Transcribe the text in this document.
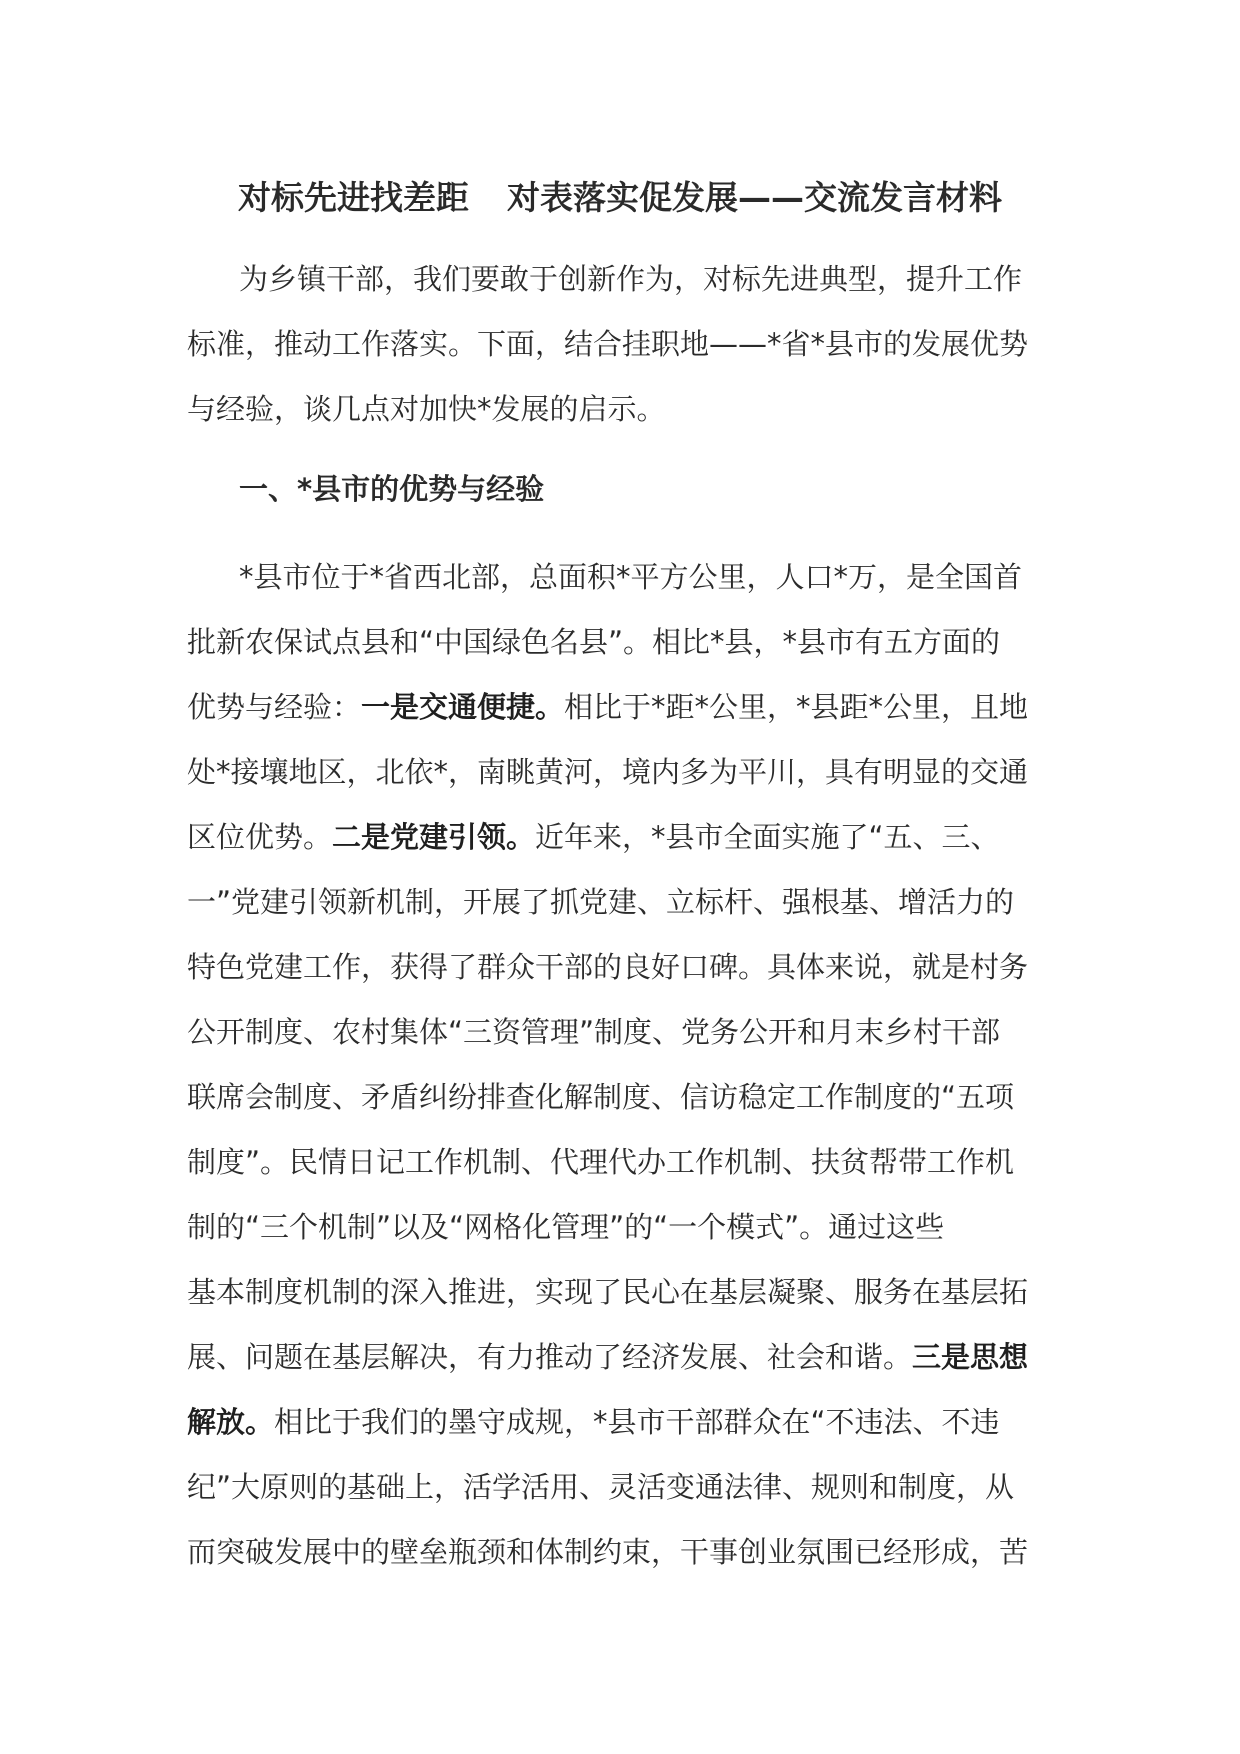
对标先进找差距 对表落实促发展——交流发言材料

为乡镇干部，我们要敢于创新作为，对标先进典型，提升工作
标准，推动工作落实。下面，结合挂职地——*省*县市的发展优势
与经验，谈几点对加快*发展的启示。

一、*县市的优势与经验

*县市位于*省西北部，总面积*平方公里，人口*万，是全国首
批新农保试点县和“中国绿色名县”。相比*县，*县市有五方面的
优势与经验：一是交通便捷。相比于*距*公里，*县距*公里，且地
处*接壤地区，北依*，南眺黄河，境内多为平川，具有明显的交通
区位优势。二是党建引领。近年来，*县市全面实施了“五、三、
一”党建引领新机制，开展了抓党建、立标杆、强根基、增活力的
特色党建工作，获得了群众干部的良好口碑。具体来说，就是村务
公开制度、农村集体“三资管理”制度、党务公开和月末乡村干部
联席会制度、矛盾纠纷排查化解制度、信访稳定工作制度的“五项
制度”。民情日记工作机制、代理代办工作机制、扶贫帮带工作机
制的“三个机制”以及“网格化管理”的“一个模式”。通过这些
基本制度机制的深入推进，实现了民心在基层凝聚、服务在基层拓
展、问题在基层解决，有力推动了经济发展、社会和谐。三是思想
解放。相比于我们的墨守成规，*县市干部群众在“不违法、不违
纪”大原则的基础上，活学活用、灵活变通法律、规则和制度，从
而突破发展中的壁垒瓶颈和体制约束，干事创业氛围已经形成，苦
